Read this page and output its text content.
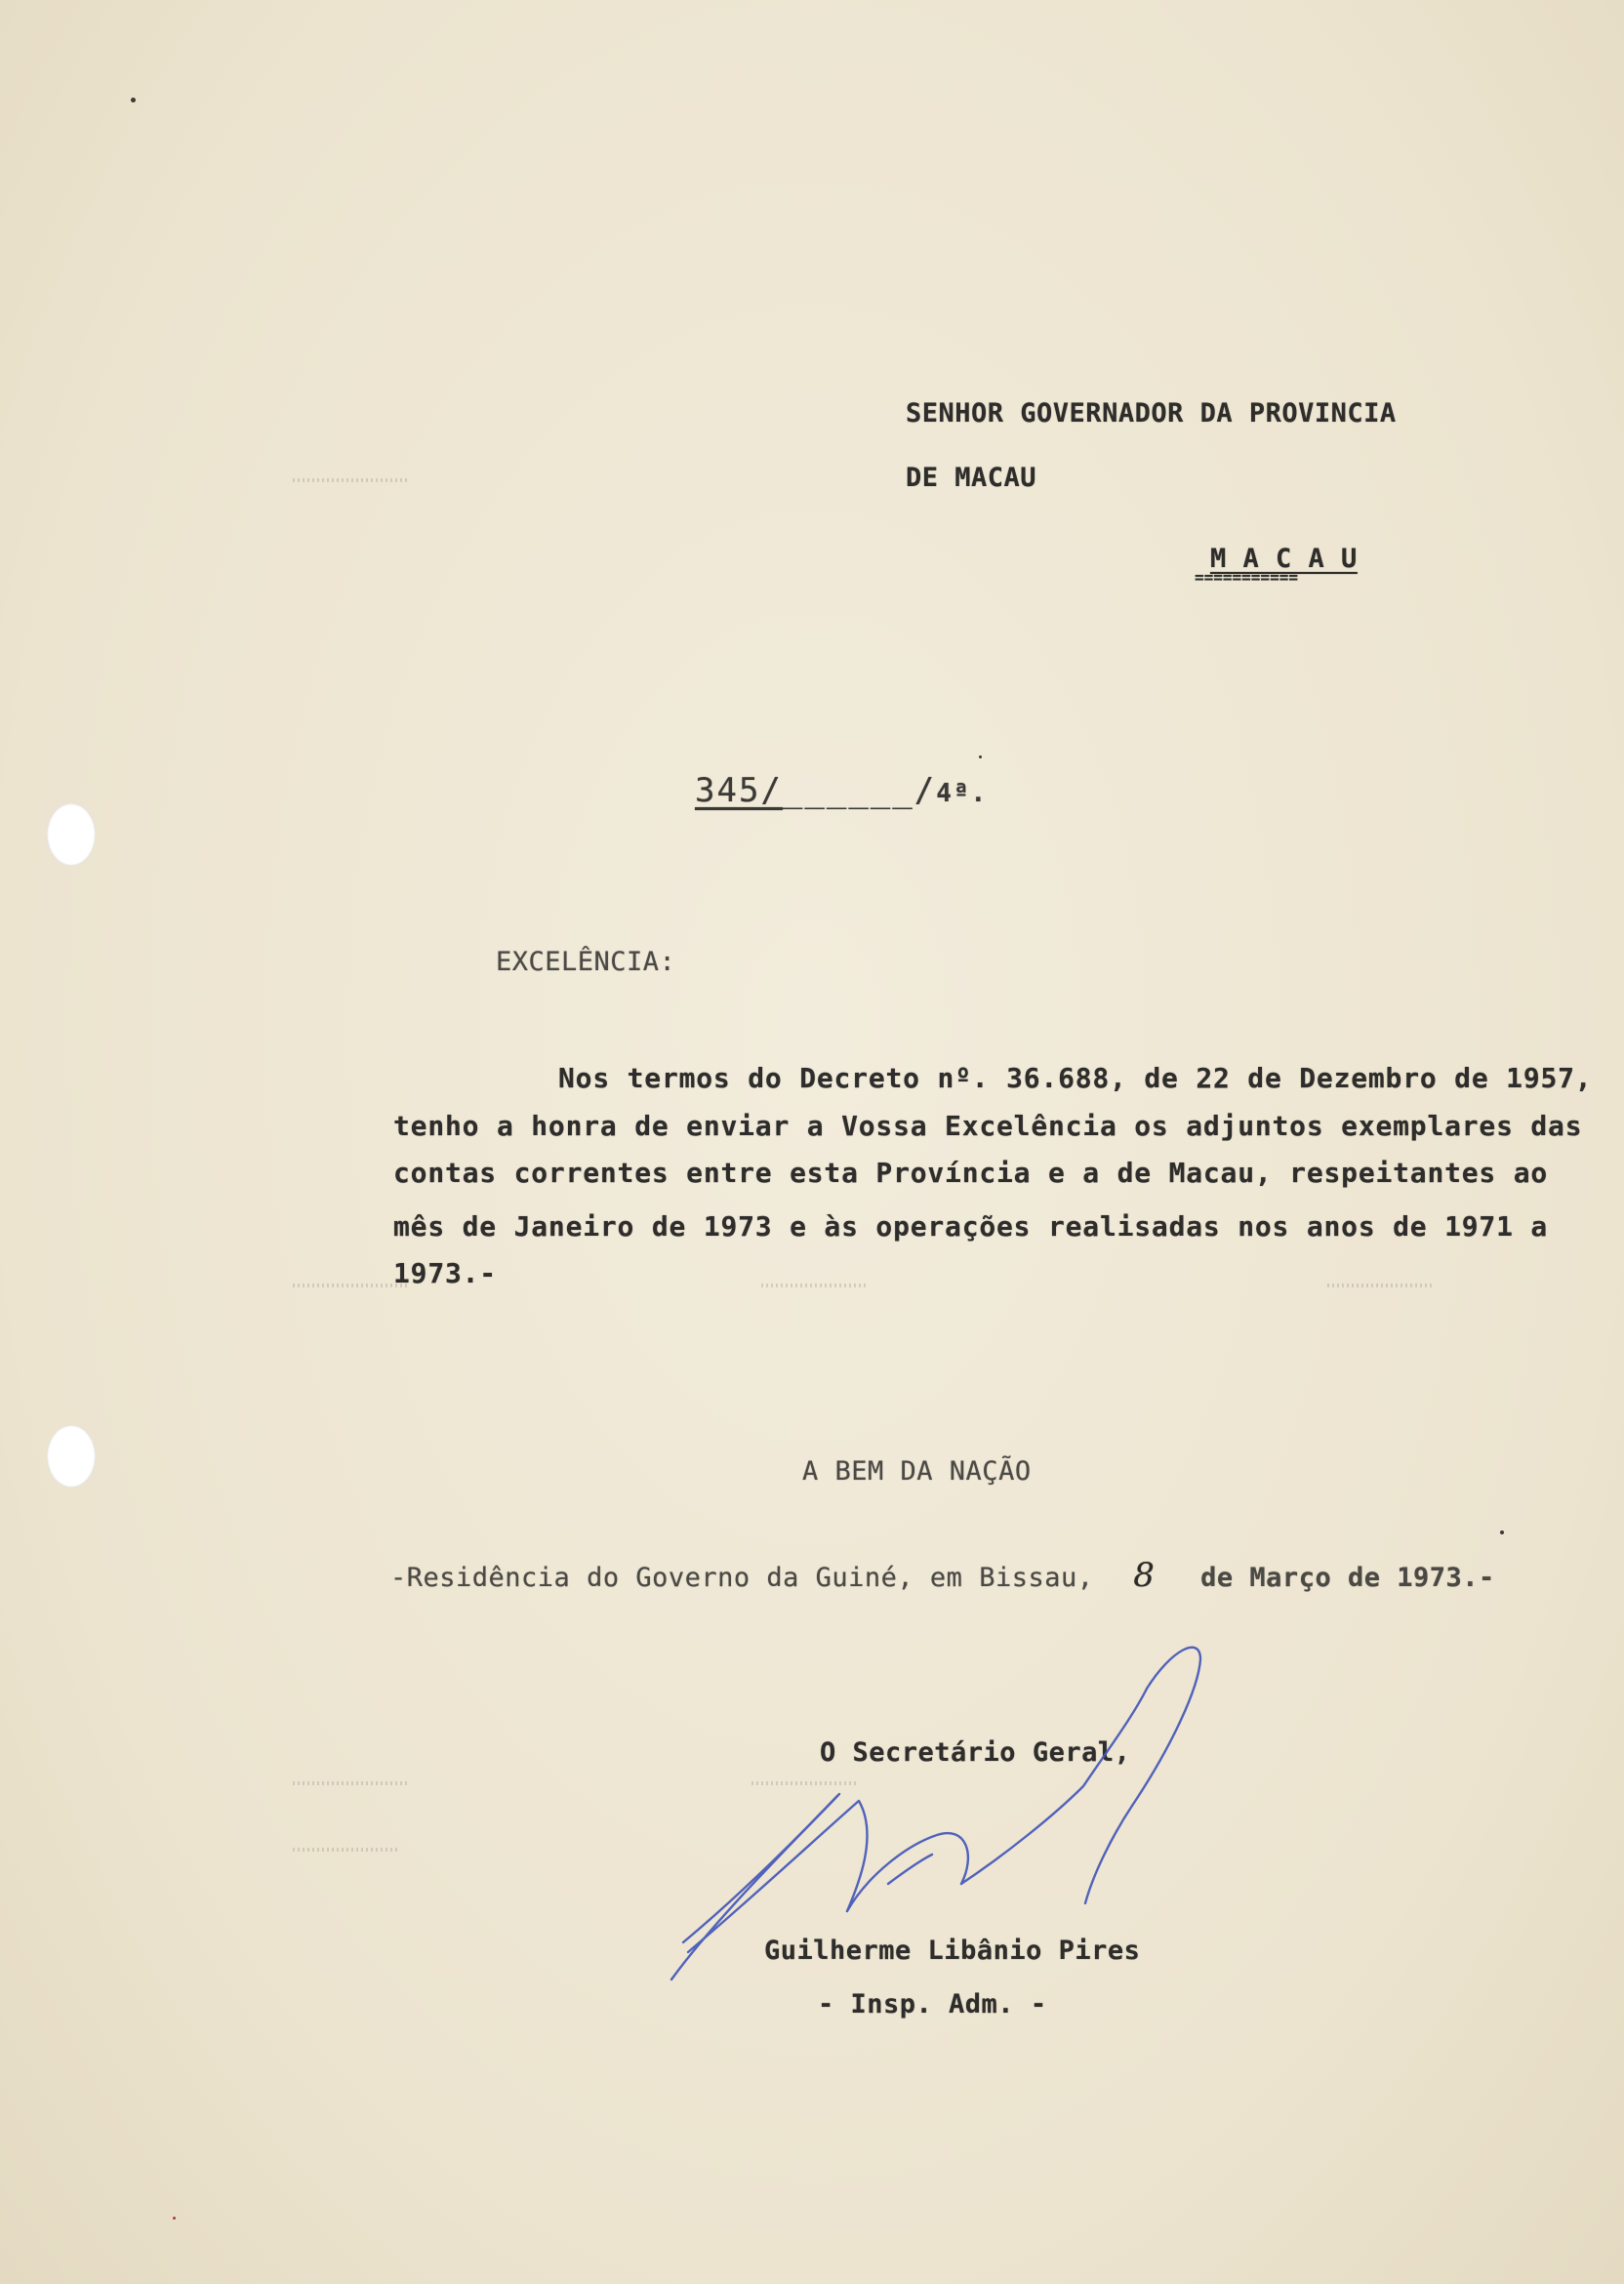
SENHOR GOVERNADOR DA PROVINCIA
DE MACAU
M A C A U
===========
345/______/4ª.
EXCELÊNCIA:
Nos termos do Decreto nº. 36.688, de 22 de Dezembro de 1957,
tenho a honra de enviar a Vossa Excelência os adjuntos exemplares das
contas correntes entre esta Província e a de Macau, respeitantes ao
mês de Janeiro de 1973 e às operações realisadas nos anos de 1971 a
1973.-
A BEM DA NAÇÃO
-Residência do Governo da Guiné, em Bissau, 8 de Março de 1973.-
O Secretário Geral,
Guilherme Libânio Pires
- Insp. Adm. -
